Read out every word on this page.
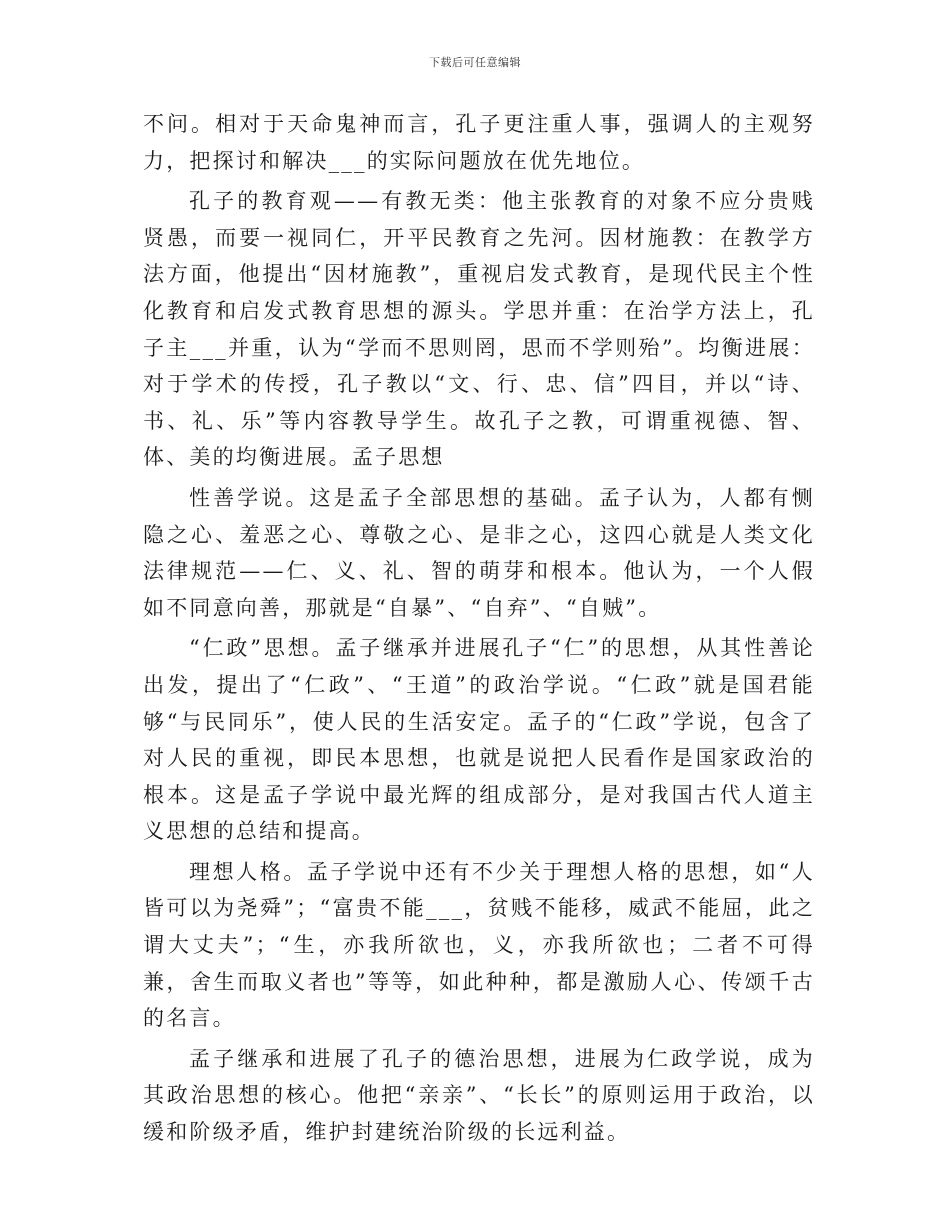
下载后可任意编辑

不问。相对于天命鬼神而言，孔子更注重人事，强调人的主观努力，把探讨和解决___的实际问题放在优先地位。

孔子的教育观——有教无类：他主张教育的对象不应分贵贱贤愚，而要一视同仁，开平民教育之先河。因材施教：在教学方法方面，他提出“因材施教”，重视启发式教育，是现代民主个性化教育和启发式教育思想的源头。学思并重：在治学方法上，孔子主___并重，认为“学而不思则罔，思而不学则殆”。均衡进展：对于学术的传授，孔子教以“文、行、忠、信”四目，并以“诗、书、礼、乐”等内容教导学生。故孔子之教，可谓重视德、智、体、美的均衡进展。孟子思想

性善学说。这是孟子全部思想的基础。孟子认为，人都有恻隐之心、羞恶之心、尊敬之心、是非之心，这四心就是人类文化法律规范——仁、义、礼、智的萌芽和根本。他认为，一个人假如不同意向善，那就是“自暴”、“自弃”、“自贼”。

“仁政”思想。孟子继承并进展孔子“仁”的思想，从其性善论出发，提出了“仁政”、“王道”的政治学说。“仁政”就是国君能够“与民同乐”，使人民的生活安定。孟子的“仁政”学说，包含了对人民的重视，即民本思想，也就是说把人民看作是国家政治的根本。这是孟子学说中最光辉的组成部分，是对我国古代人道主义思想的总结和提高。

理想人格。孟子学说中还有不少关于理想人格的思想，如“人皆可以为尧舜”；“富贵不能___，贫贱不能移，威武不能屈，此之谓大丈夫”；“生，亦我所欲也，义，亦我所欲也；二者不可得兼，舍生而取义者也”等等，如此种种，都是激励人心、传颂千古的名言。

孟子继承和进展了孔子的德治思想，进展为仁政学说，成为其政治思想的核心。他把“亲亲”、“长长”的原则运用于政治，以缓和阶级矛盾，维护封建统治阶级的长远利益。
